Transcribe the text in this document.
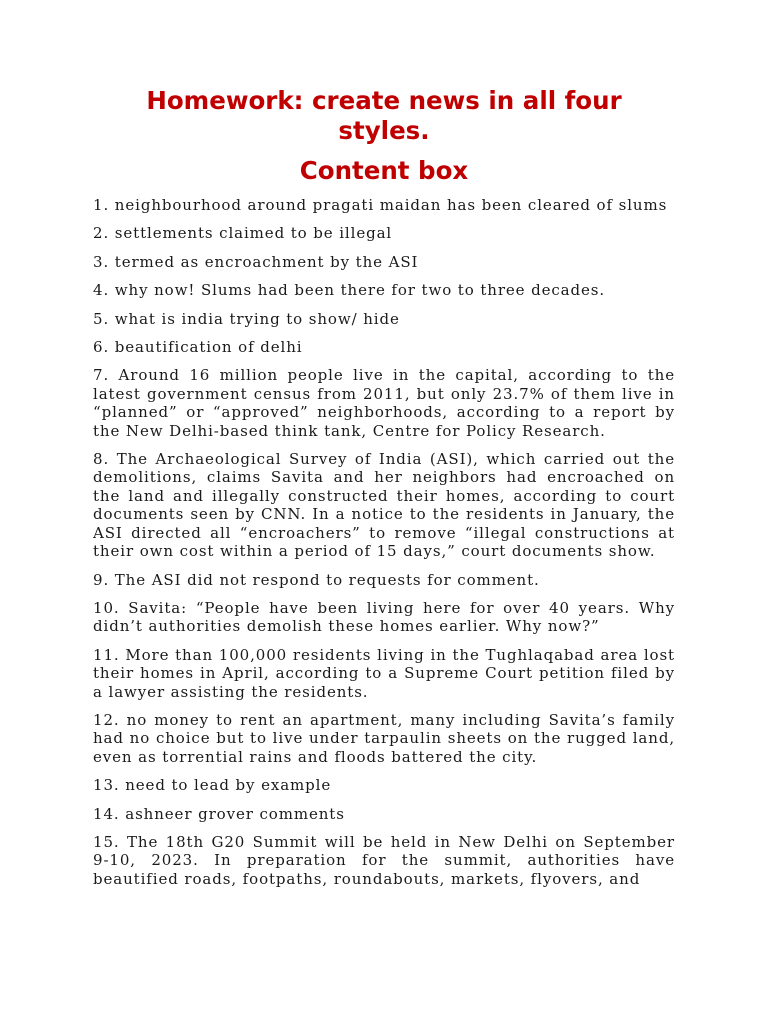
Homework: create news in all four styles.
Content box

1. neighbourhood around pragati maidan has been cleared of slums

2. settlements claimed to be illegal

3. termed as encroachment by the ASI

4. why now! Slums had been there for two to three decades.

5. what is india trying to show/ hide

6. beautification of delhi

7. Around 16 million people live in the capital, according to the latest government census from 2011, but only 23.7% of them live in “planned” or “approved” neighborhoods, according to a report by the New Delhi-based think tank, Centre for Policy Research.

8. The Archaeological Survey of India (ASI), which carried out the demolitions, claims Savita and her neighbors had encroached on the land and illegally constructed their homes, according to court documents seen by CNN. In a notice to the residents in January, the ASI directed all “encroachers” to remove “illegal constructions at their own cost within a period of 15 days,” court documents show.

9. The ASI did not respond to requests for comment.

10. Savita: “People have been living here for over 40 years. Why didn’t authorities demolish these homes earlier. Why now?”

11. More than 100,000 residents living in the Tughlaqabad area lost their homes in April, according to a Supreme Court petition filed by a lawyer assisting the residents.

12. no money to rent an apartment, many including Savita’s family had no choice but to live under tarpaulin sheets on the rugged land, even as torrential rains and floods battered the city.

13. need to lead by example

14. ashneer grover comments

15. The 18th G20 Summit will be held in New Delhi on September 9-10, 2023. In preparation for the summit, authorities have beautified roads, footpaths, roundabouts, markets, flyovers, and
